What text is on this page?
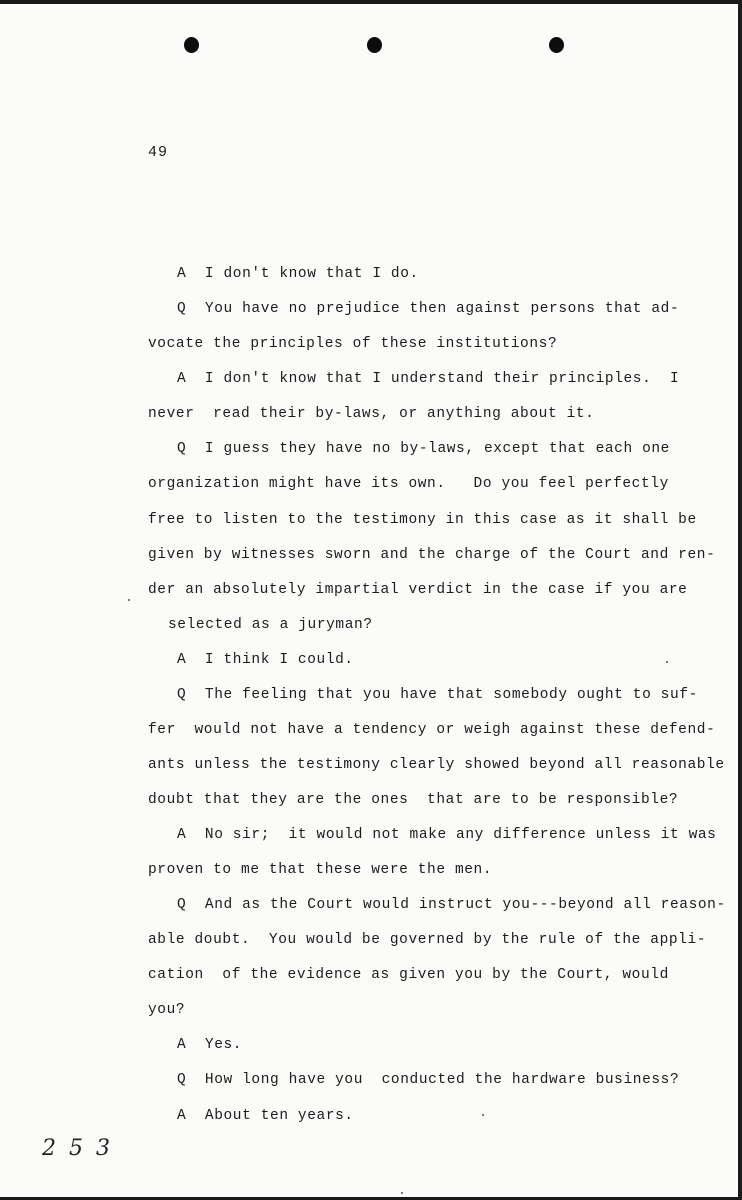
49
A  I don't know that I do.
Q  You have no prejudice then against persons that ad-
vocate the principles of these institutions?
A  I don't know that I understand their principles.  I
never  read their by-laws, or anything about it.
Q  I guess they have no by-laws, except that each one
organization might have its own.   Do you feel perfectly
free to listen to the testimony in this case as it shall be
given by witnesses sworn and the charge of the Court and ren-
der an absolutely impartial verdict in the case if you are
selected as a juryman?
A  I think I could.
Q  The feeling that you have that somebody ought to suf-
fer  would not have a tendency or weigh against these defend-
ants unless the testimony clearly showed beyond all reasonable
doubt that they are the ones  that are to be responsible?
A  No sir;  it would not make any difference unless it was
proven to me that these were the men.
Q  And as the Court would instruct you---beyond all reason-
able doubt.  You would be governed by the rule of the appli-
cation  of the evidence as given you by the Court, would
you?
A  Yes.
Q  How long have you  conducted the hardware business?
A  About ten years.
2 5 3
